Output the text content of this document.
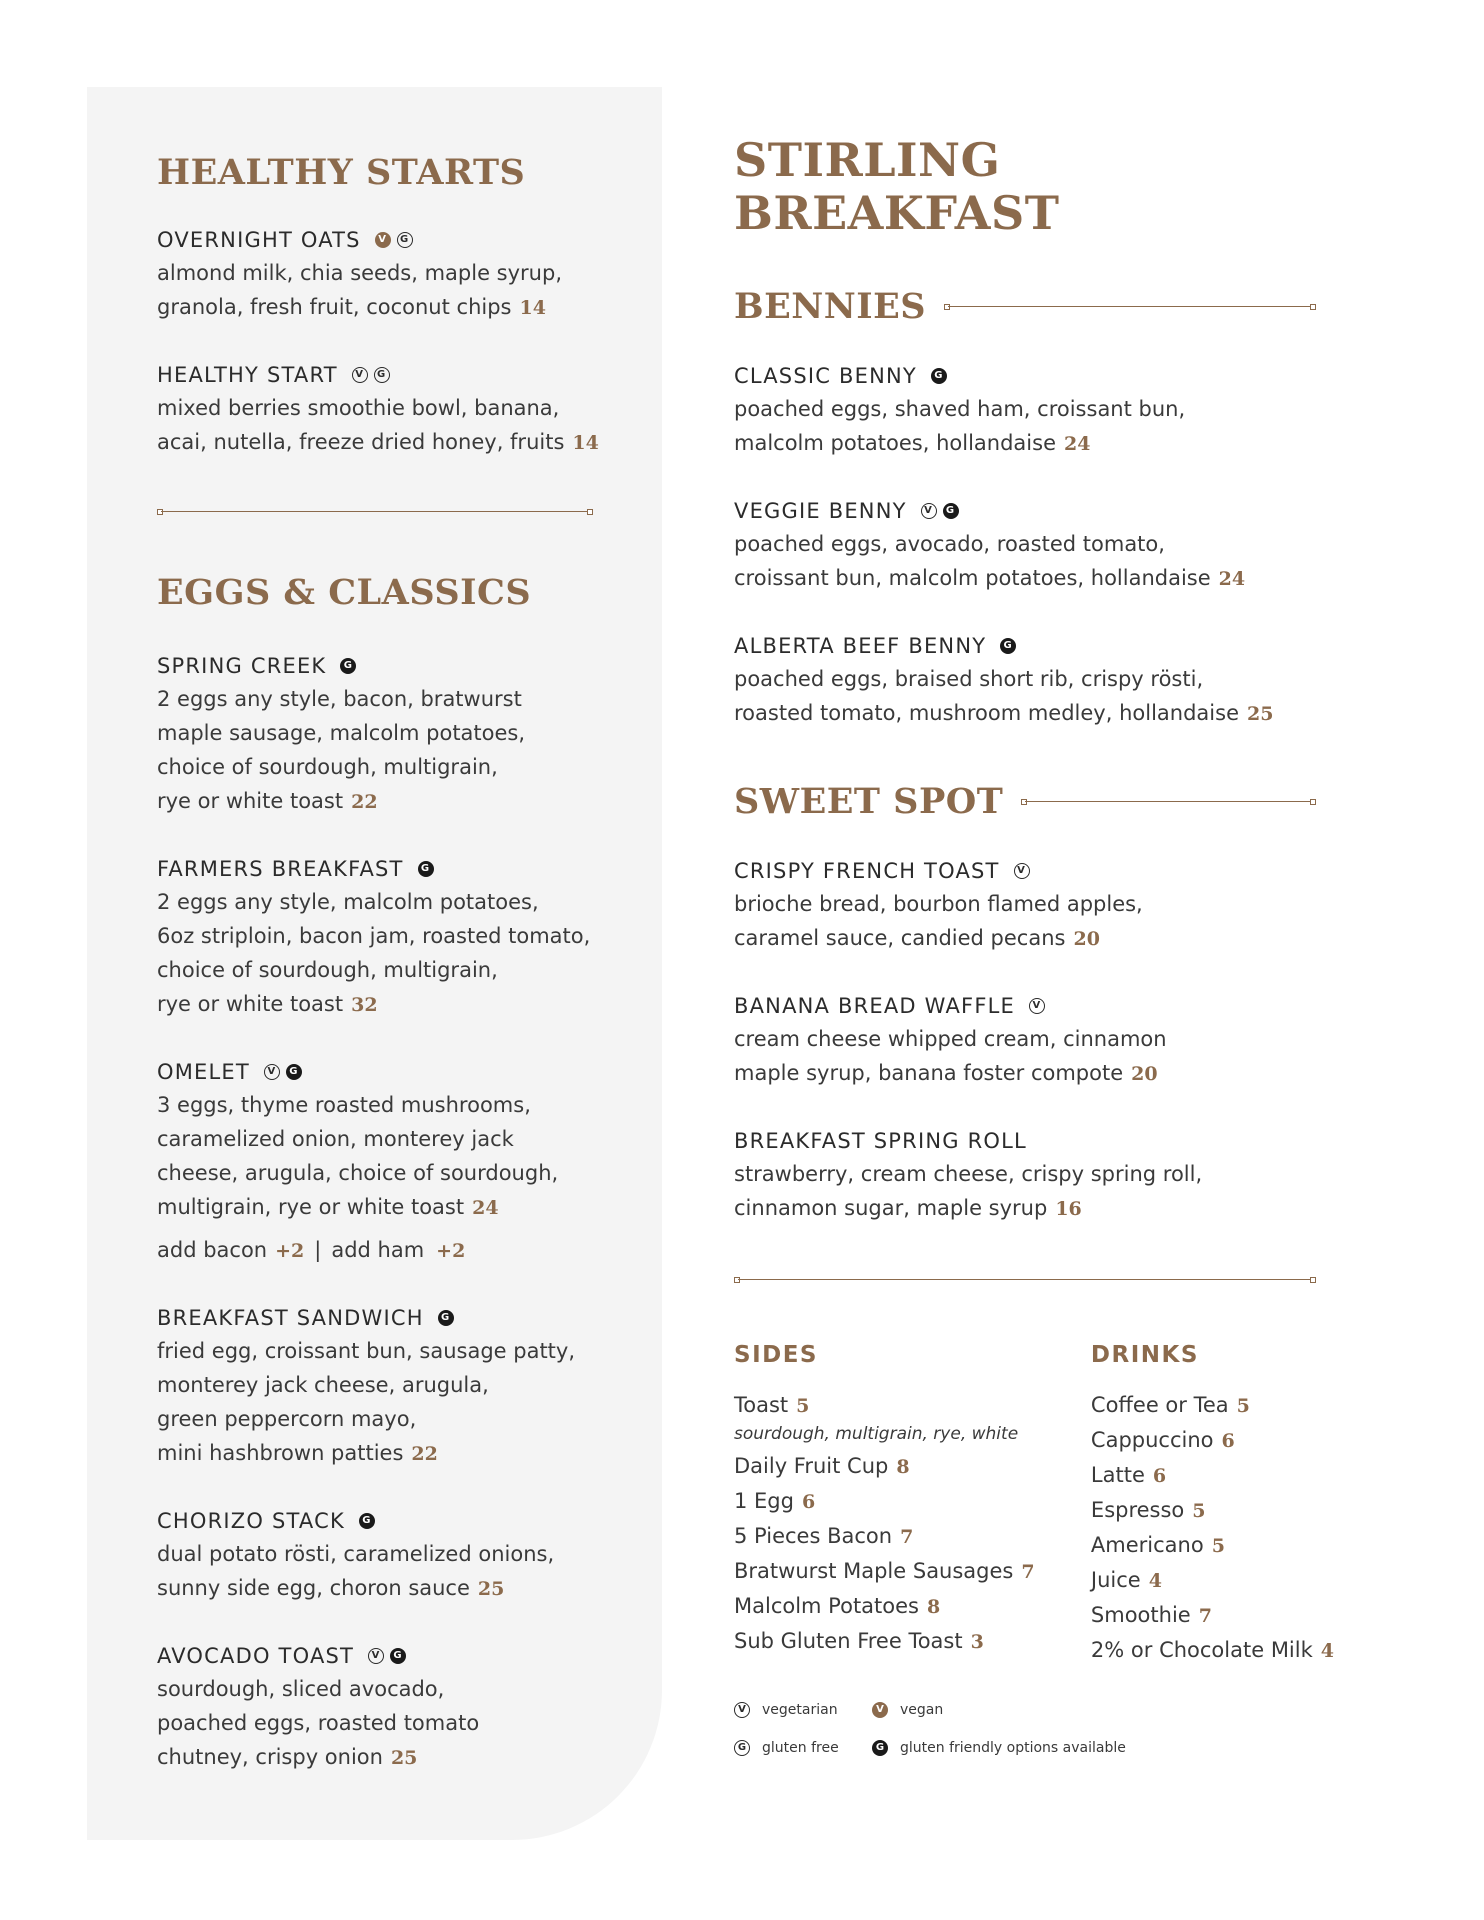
HEALTHY STARTS
OVERNIGHT OATS	V	G
almond milk, chia seeds, maple syrup,
granola, fresh fruit, coconut chips 14
HEALTHY START	V	G
mixed berries smoothie bowl, banana,
acai, nutella, freeze dried honey, fruits 14
EGGS & CLASSICS
SPRING CREEK	G
2 eggs any style, bacon, bratwurst
maple sausage, malcolm potatoes,
choice of sourdough, multigrain,
rye or white toast 22
FARMERS BREAKFAST	G
2 eggs any style, malcolm potatoes,
6oz striploin, bacon jam, roasted tomato,
choice of sourdough, multigrain,
rye or white toast 32
OMELET	V	G
3 eggs, thyme roasted mushrooms,
caramelized onion, monterey jack
cheese, arugula, choice of sourdough,
multigrain, rye or white toast 24
add bacon +2 | add ham +2
BREAKFAST SANDWICH	G
fried egg, croissant bun, sausage patty,
monterey jack cheese, arugula,
green peppercorn mayo,
mini hashbrown patties 22
CHORIZO STACK	G
dual potato rösti, caramelized onions,
sunny side egg, choron sauce 25
AVOCADO TOAST	V	G
sourdough, sliced avocado,
poached eggs, roasted tomato
chutney, crispy onion 25
STIRLING
BREAKFAST
BENNIES
CLASSIC BENNY	G
poached eggs, shaved ham, croissant bun,
malcolm potatoes, hollandaise 24
VEGGIE BENNY	V	G
poached eggs, avocado, roasted tomato,
croissant bun, malcolm potatoes, hollandaise 24
ALBERTA BEEF BENNY	G
poached eggs, braised short rib, crispy rösti,
roasted tomato, mushroom medley, hollandaise 25
SWEET SPOT
CRISPY FRENCH TOAST	V
brioche bread, bourbon flamed apples,
caramel sauce, candied pecans 20
BANANA BREAD WAFFLE	V
cream cheese whipped cream, cinnamon
maple syrup, banana foster compote 20
BREAKFAST SPRING ROLL
strawberry, cream cheese, crispy spring roll,
cinnamon sugar, maple syrup 16
SIDES
Toast 5
sourdough, multigrain, rye, white
Daily Fruit Cup 8
1 Egg 6
5 Pieces Bacon 7
Bratwurst Maple Sausages 7
Malcolm Potatoes 8
Sub Gluten Free Toast 3
DRINKS
Coffee or Tea 5
Cappuccino 6
Latte 6
Espresso 5
Americano 5
Juice 4
Smoothie 7
2% or Chocolate Milk 4
V vegetarian	V vegan
G gluten free	G gluten friendly options available
